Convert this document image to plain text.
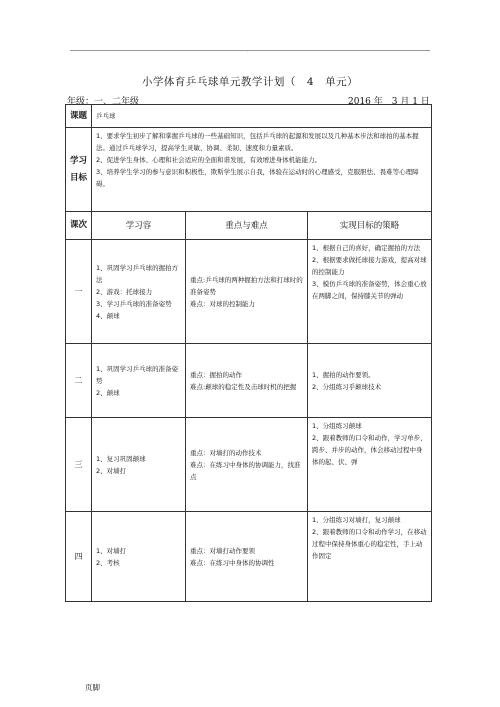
、
小学体育乒乓球单元教学计划（　4　单元）
年级：一、二年级	2016 年　3 月 1 日
课题	乒乓球		
学习目标	1、要求学生初步了解和掌握乒乓球的一些基础知识，包括乒乓球的起源和发展以及几种基本步法和球拍的基本握法。通过乒乓球学习，提高学生灵敏、协调、柔韧、速度和力量素质。
2、促进学生身体、心理和社会适应的全面和谐发展，有效增进身体机能能力。
3、培养学生学习的参与意识和积极性，欺斯学生展示自我，体验在运动时的心理感受，克服胆怯、畏难等心理障碍。		

课次	学习容	重点与难点	实现目标的策略
一	1、巩固学习乒乓球的握拍方法
2、游戏：托球接力
3、学习乒乓球的准备姿势
4、颠球	重点:乒乓球的两种握拍方法和打球时的准备姿势
难点：对球的控制能力	1、根据自己的喜好，确定握拍的方法
2、根据要求做托球接力游戏，提高对球的控制能力
3、模仿乒乓球的准备姿势，体会重心放在两脚之间，保持膝关节的弹动

二	1、巩固学习乒乓球的准备姿势
2、颠球	重点：握拍的动作
难点:颠球的稳定性及击球时机的把握	1、握拍的动作要领。
2、分组练习乎颠球技术

三	1、复习巩固颠球
2、对墙打	重点：对墙打的动作技术
难点：在练习中身体的协调能力，找准点	1、分组练习颠球
2、跟着教师的口令和动作，学习单步、跨步、并步的动作，体会移动过程中身体的起、伏、弹

四	1、对墙打
2、考核	重点：对墙打动作要领
难点：在练习中身体的协调性	1、分组练习对墙打，复习颠球
2、跟着教师的口令和动作学习，在移动过程中保持身体重心的稳定性，手上动作固定
页脚
